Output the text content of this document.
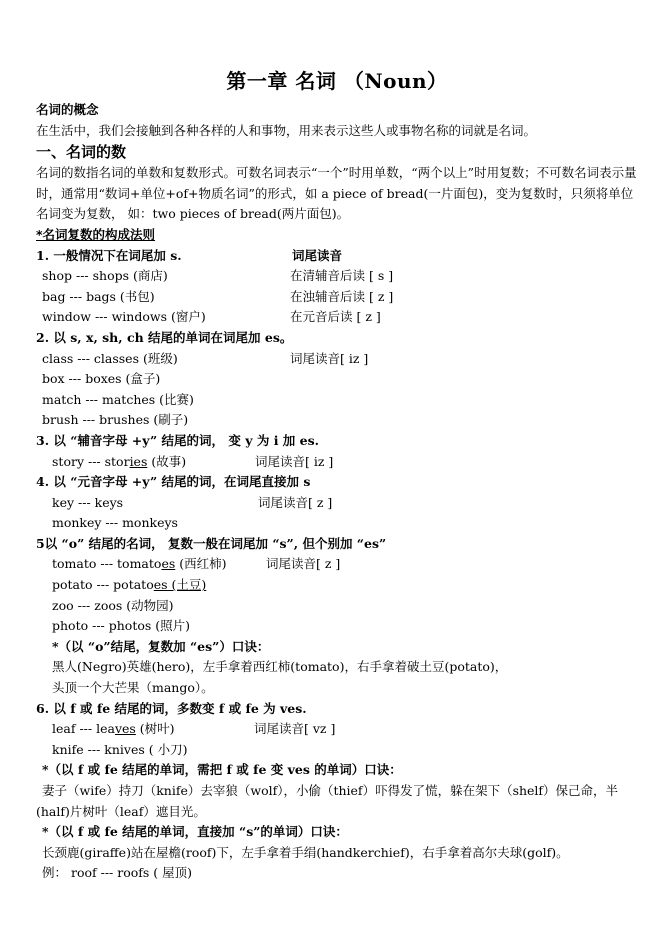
第一章 名词 （Noun）
名词的概念
在生活中，我们会接触到各种各样的人和事物，用来表示这些人或事物名称的词就是名词。
一、名词的数
名词的数指名词的单数和复数形式。可数名词表示“一个”时用单数，“两个以上”时用复数；不可数名词表示量时，通常用“数词+单位+of+物质名词”的形式，如 a piece of bread(一片面包)，变为复数时，只须将单位名词变为复数， 如：two pieces of bread(两片面包)。
*名词复数的构成法则
1. 一般情况下在词尾加 s.	词尾读音
shop --- shops (商店)	在清辅音后读 [ s ]
bag --- bags (书包)	在浊辅音后读 [ z ]
window --- windows (窗户)	在元音后读 [ z ]
2. 以 s, x, sh, ch 结尾的单词在词尾加 es。
class --- classes (班级)	词尾读音[ iz ]
box --- boxes (盒子)
match --- matches (比赛)
brush --- brushes (刷子)
3. 以 “辅音字母 +y” 结尾的词， 变 y 为 i 加 es.
story --- stories (故事)	词尾读音[ iz ]
4. 以 “元音字母 +y” 结尾的词，在词尾直接加 s
key --- keys	词尾读音[ z ]
monkey --- monkeys
5以 “o” 结尾的名词， 复数一般在词尾加 “s”, 但个别加 “es”
tomato --- tomatoes (西红柿)	词尾读音[ z ]
potato --- potatoes (土豆)
zoo --- zoos (动物园)
photo --- photos (照片)
*（以 “o”结尾，复数加 “es”）口诀：
黑人(Negro)英雄(hero)，左手拿着西红柿(tomato)，右手拿着破土豆(potato)，
头顶一个大芒果（mango）。
6. 以 f 或 fe 结尾的词，多数变 f 或 fe 为 ves.
leaf --- leaves (树叶)	词尾读音[ vz ]
knife --- knives ( 小刀)
*（以 f 或 fe 结尾的单词，需把 f 或 fe 变 ves 的单词）口诀：
妻子（wife）持刀（knife）去宰狼（wolf），小偷（thief）吓得发了慌，躲在架下（shelf）保己命，半(half)片树叶（leaf）遮目光。
*（以 f 或 fe 结尾的单词，直接加 “s”的单词）口诀：
长颈鹿(giraffe)站在屋檐(roof)下，左手拿着手绢(handkerchief)，右手拿着高尔夫球(golf)。
例： roof --- roofs ( 屋顶)
